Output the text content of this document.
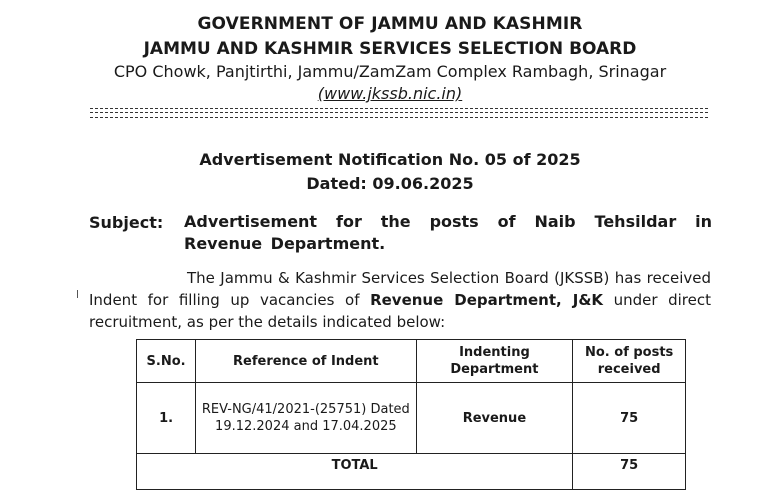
GOVERNMENT OF JAMMU AND KASHMIR
JAMMU AND KASHMIR SERVICES SELECTION BOARD
CPO Chowk, Panjtirthi, Jammu/ZamZam Complex Rambagh, Srinagar
(www.jkssb.nic.in)
Advertisement Notification No. 05 of 2025
Dated: 09.06.2025
Subject: Advertisement for the posts of Naib Tehsildar in Revenue Department.
The Jammu & Kashmir Services Selection Board (JKSSB) has received Indent for filling up vacancies of Revenue Department, J&K under direct recruitment, as per the details indicated below:
S.No.	Reference of Indent	Indenting Department	No. of posts received
1.	REV-NG/41/2021-(25751) Dated 19.12.2024 and 17.04.2025	Revenue	75
TOTAL			75
